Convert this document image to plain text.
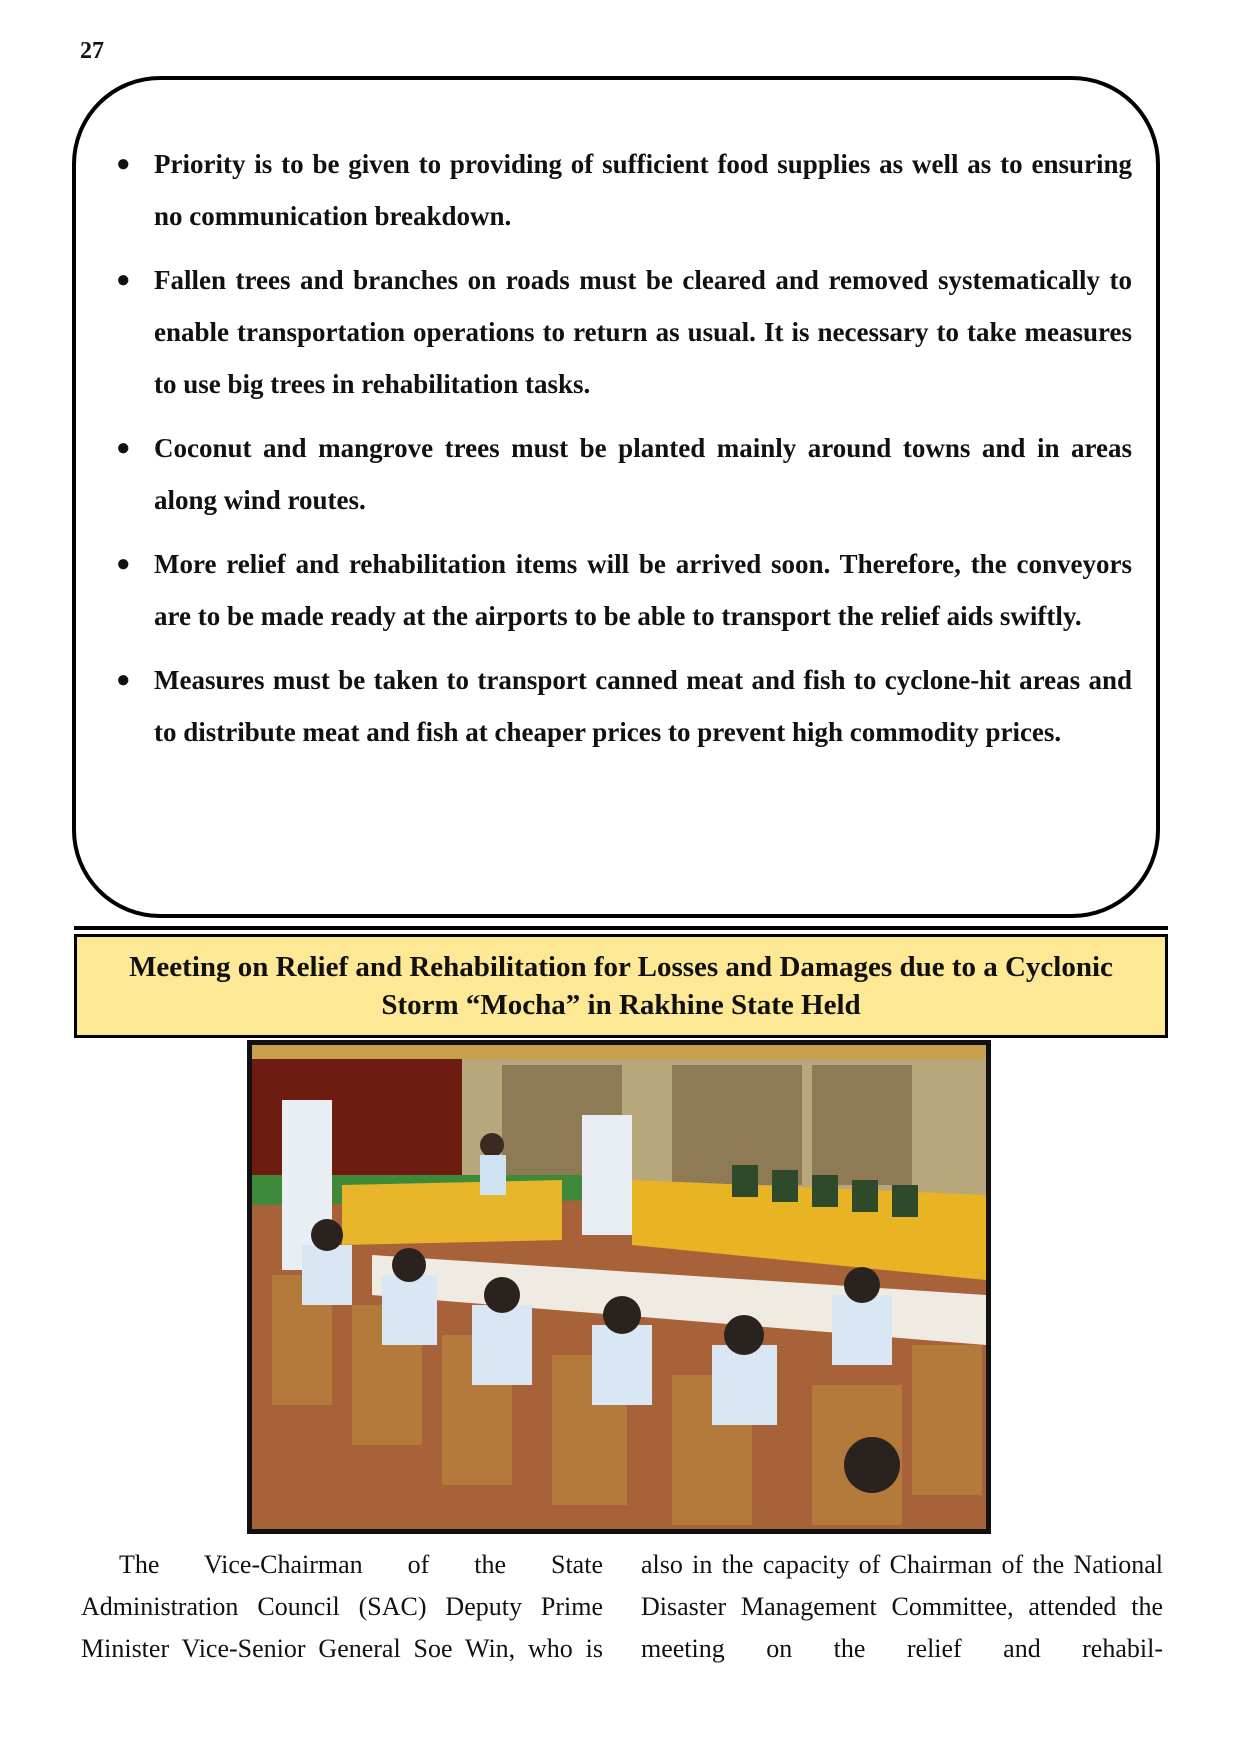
27
● Priority is to be given to providing of sufficient food supplies as well as to ensuring no communication breakdown.
● Fallen trees and branches on roads must be cleared and removed systematically to enable transportation operations to return as usual. It is necessary to take measures to use big trees in rehabilitation tasks.
● Coconut and mangrove trees must be planted mainly around towns and in areas along wind routes.
● More relief and rehabilitation items will be arrived soon. Therefore, the conveyors are to be made ready at the airports to be able to transport the relief aids swiftly.
● Measures must be taken to transport canned meat and fish to cyclone-hit areas and to distribute meat and fish at cheaper prices to prevent high commodity prices.
Meeting on Relief and Rehabilitation for Losses and Damages due to a Cyclonic
Storm “Mocha” in Rakhine State Held
The Vice-Chairman of the State Administration Council (SAC) Deputy Prime Minister Vice-Senior General Soe Win, who is
also in the capacity of Chairman of the National Disaster Management Committee, attended the meeting on the relief and rehabil-
